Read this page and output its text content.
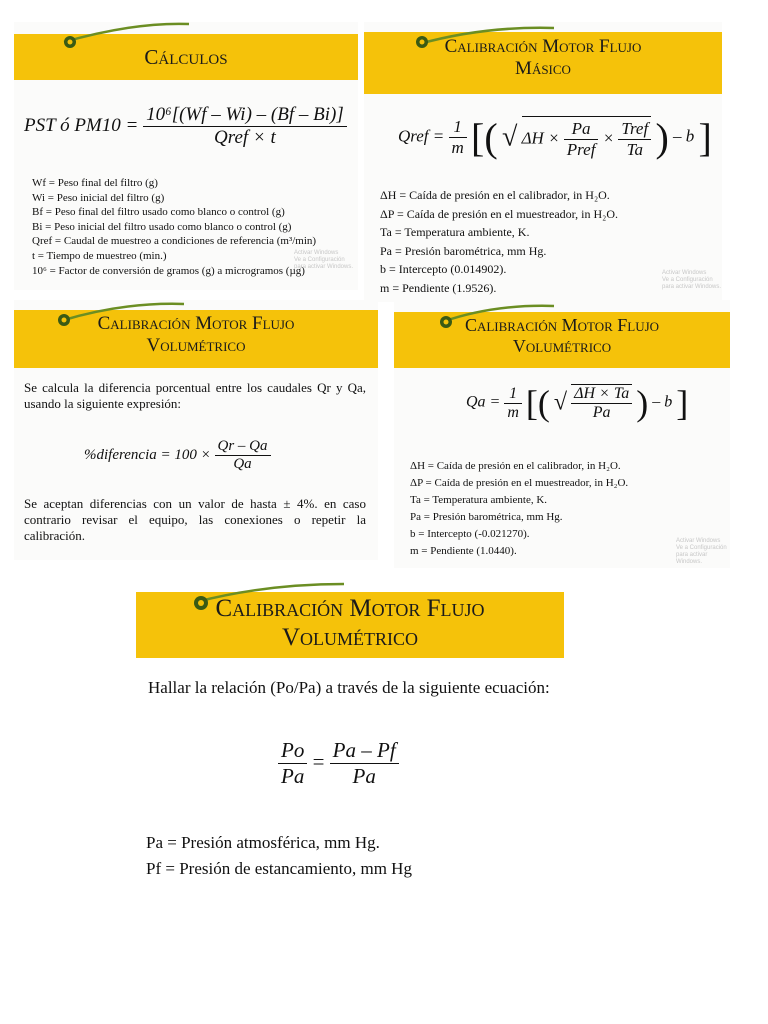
Cálculos
PST ó $PM10 = \frac{\text{10⁶[(Wf – Wi) – (Bf – Bi)]}}{\text{Qref × t}}$
Wf = Peso final del filtro (g)
Wi = Peso inicial del filtro (g)
Bf = Peso final del filtro usado como blanco o control (g)
Bi = Peso inicial del filtro usado como blanco o control (g)
Qref = Caudal de muestreo a condiciones de referencia (m³/min)
t = Tiempo de muestreo (min.)
10⁶ = Factor de conversión de gramos (g) a microgramos (µg)
Activar Windows
Ve a Configuración para activar Windows.
Calibración Motor Flujo
Másico
Qref = $\frac{1}{m}$ [( √ $\Delta H \times \frac{Pa}{\text{Pref}} \times \frac{\text{Tref}}{Ta}$ ) – b ]
ΔH = Caída de presión en el calibrador, in H₂O.
ΔP = Caída de presión en el muestreador, in H₂O.
Ta = Temperatura ambiente, K.
Pa = Presión barométrica, mm Hg.
b = Intercepto (0.014902).
m = Pendiente (1.9526).
Activar Windows
Ve a Configuración para activar Windows.
Calibración Motor Flujo
Volumétrico
Se calcula la diferencia porcentual entre los caudales Qr y Qa, usando la siguiente expresión:
%diferencia = $100 \times \frac{Qr - Qa}{Qa}$
Se aceptan diferencias con un valor de hasta ± 4%. en caso contrario revisar el equipo, las conexiones o repetir la calibración.
Calibración Motor Flujo
Volumétrico
$Qa = \frac{1}{m}$ [( √ $\frac{\Delta H \times Ta}{Pa}$ ) – b ]
ΔH = Caída de presión en el calibrador, in H₂O.
ΔP = Caída de presión en el muestreador, in H₂O.
Ta = Temperatura ambiente, K.
Pa = Presión barométrica, mm Hg.
b = Intercepto (-0.021270).
m = Pendiente (1.0440).
Activar Windows
Ve a Configuración para activar Windows.
Calibración Motor Flujo
Volumétrico
Hallar la relación (Po/Pa) a través de la siguiente ecuación:
$\frac{Po}{Pa} = \frac{Pa - Pf}{Pa}$
Pa = Presión atmosférica, mm Hg.
Pf = Presión de estancamiento, mm Hg
